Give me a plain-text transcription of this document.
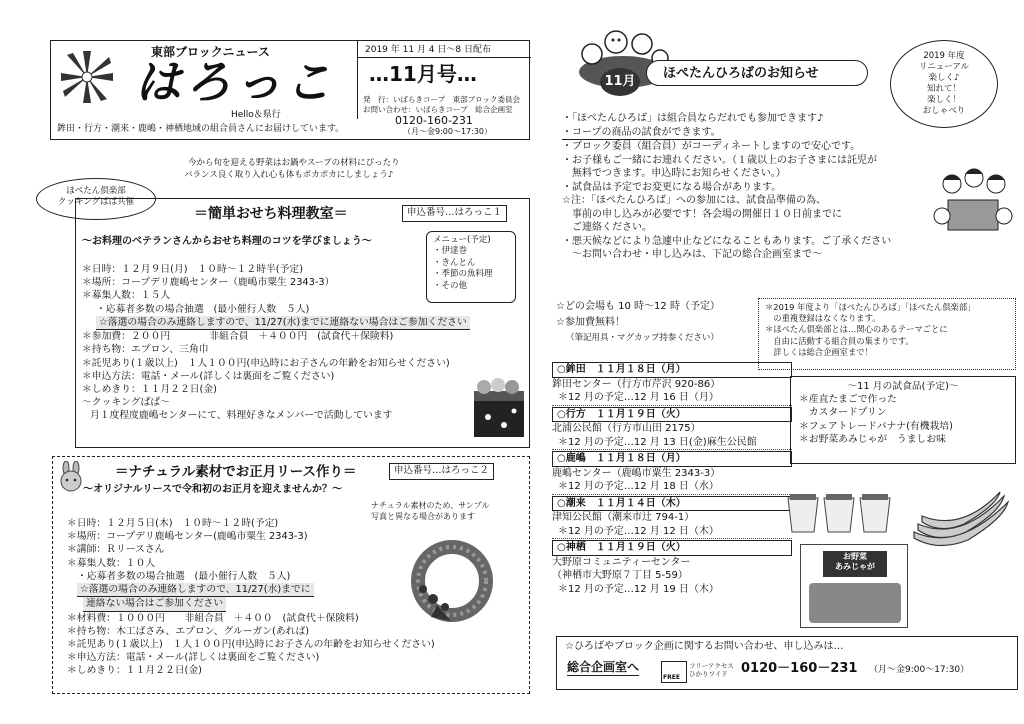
東部ブロックニュース
はろっこ
Hello＆県行
鉾田・行方・潮来・鹿嶋・神栖地域の組合員さんにお届けしています。
2019 年 11 月 4 日～8 日配布
…11月号…
発　行：いばらきコープ　東部ブロック委員会
お問い合わせ：いばらきコープ　総合企画室
0120-160-231
（月～金9:00～17:30）
今から旬を迎える野菜はお鍋やスープの材料にぴったり
バランス良く取り入れ心も体もポカポカにしましょう♪
ほぺたん倶楽部
クッキングぱぱ共催
＝簡単おせち料理教室＝	申込番号…はろっこ１
～お料理のベテランさんからおせち料理のコツを学びましょう～	メニュー(予定)
・伊達巻
・きんとん
・季節の魚料理
・その他
＊日時：１２月９日(月)　１０時～１２時半(予定)
＊場所：コープデリ鹿嶋センター（鹿嶋市粟生 2343-3）
＊募集人数：１５人
・応募者多数の場合抽選　(最小催行人数　５人)
☆落選の場合のみ連絡しますので、11/27(水)までに連絡ない場合はご参加ください
＊参加費：２００円　　　　非組合員　＋４００円　(試食代＋保険料)
＊持ち物：エプロン、三角巾
＊託児あり(１歳以上)　１人１００円(申込時にお子さんの年齢をお知らせください)
＊申込方法：電話・メール(詳しくは裏面をご覧ください)
＊しめきり：１１月２２日(金)
～クッキングぱぱ～
月１度程度鹿嶋センターにて、料理好きなメンバーで活動しています
＝ナチュラル素材でお正月リース作り＝	申込番号…はろっこ２
～オリジナルリースで令和初のお正月を迎えませんか？～
ナチュラル素材のため、サンプル
写真と異なる場合があります
＊日時：１２月５日(木)　１０時～１２時(予定)
＊場所：コープデリ鹿嶋センター(鹿嶋市粟生 2343-3)
＊講師：Ｒリースさん
＊募集人数：１０人
・応募者多数の場合抽選　(最小催行人数　５人)
☆落選の場合のみ連絡しますので、11/27(水)までに
連絡ない場合はご参加ください
＊材料費：１０００円　　非組合員　＋４００　(試食代＋保険料)
＊持ち物：木工ばさみ、エプロン、グルーガン(あれば)
＊託児あり(１歳以上)　１人１００円(申込時にお子さんの年齢をお知らせください)
＊申込方法：電話・メール(詳しくは裏面をご覧ください)
＊しめきり：１１月２２日(金)
11月
ほぺたんひろばのお知らせ
2019 年度
リニューアル
楽しく♪
知れて！
楽しく！
おしゃべり
・「ほぺたんひろば」は組合員ならだれでも参加できます♪
・コープの商品の試食ができます。
・ブロック委員（組合員）がコーディネートしますので安心です。
・お子様もご一緒にお連れください。（１歳以上のお子さまには託児が
　無料でつきます。申込時にお知らせください。）
・試食品は予定でお変更になる場合があります。
☆注：「ほぺたんひろば」への参加には、試食品準備の為、
　事前の申し込みが必要です！各会場の開催日１０日前までに
　ご連絡ください。
・悪天候などにより急遽中止などになることもあります。ご了承ください
　～お問い合わせ・申し込みは、下記の総合企画室まで～
☆どの会場も 10 時～12 時（予定）
☆参加費無料！
（筆記用具・マグカップ持参ください）
＊2019 年度より「ほぺたんひろば」「ほぺたん倶楽部」
　の重複登録はなくなります。
＊ほぺたん倶楽部とは…関心のあるテーマごとに
　自由に活動する組合員の集まりです。
　詳しくは総合企画室まで！
○鉾田　１１月１８日（月）
鉾田センター（行方市芹沢 920-86）
＊12 月の予定…12 月 16 日（月）
○行方　１１月１９日（火）
北浦公民館（行方市山田 2175）
＊12 月の予定…12 月 13 日(金)麻生公民館
○鹿嶋　１１月１８日（月）
鹿嶋センター（鹿嶋市粟生 2343-3）
＊12 月の予定…12 月 18 日（水）
○潮来　１１月１４日（木）
津知公民館（潮来市辻 794-1）
＊12 月の予定…12 月 12 日（木）
○神栖　１１月１９日（火）
大野原コミュニティーセンター
（神栖市大野原７丁目 5-59）
＊12 月の予定…12 月 19 日（木）
～11 月の試食品(予定)～
＊産直たまごで作った
　カスタードプリン
＊フェアトレードバナナ(有機栽培)
＊お野菜あみじゃが　うましお味
お野菜
あみじゃが
☆ひろばやブロック企画に関するお問い合わせ、申し込みは…
総合企画室へ
FREE
フリーアクセス
ひかりワイド	0120－160－231 （月～金9:00～17:30）
